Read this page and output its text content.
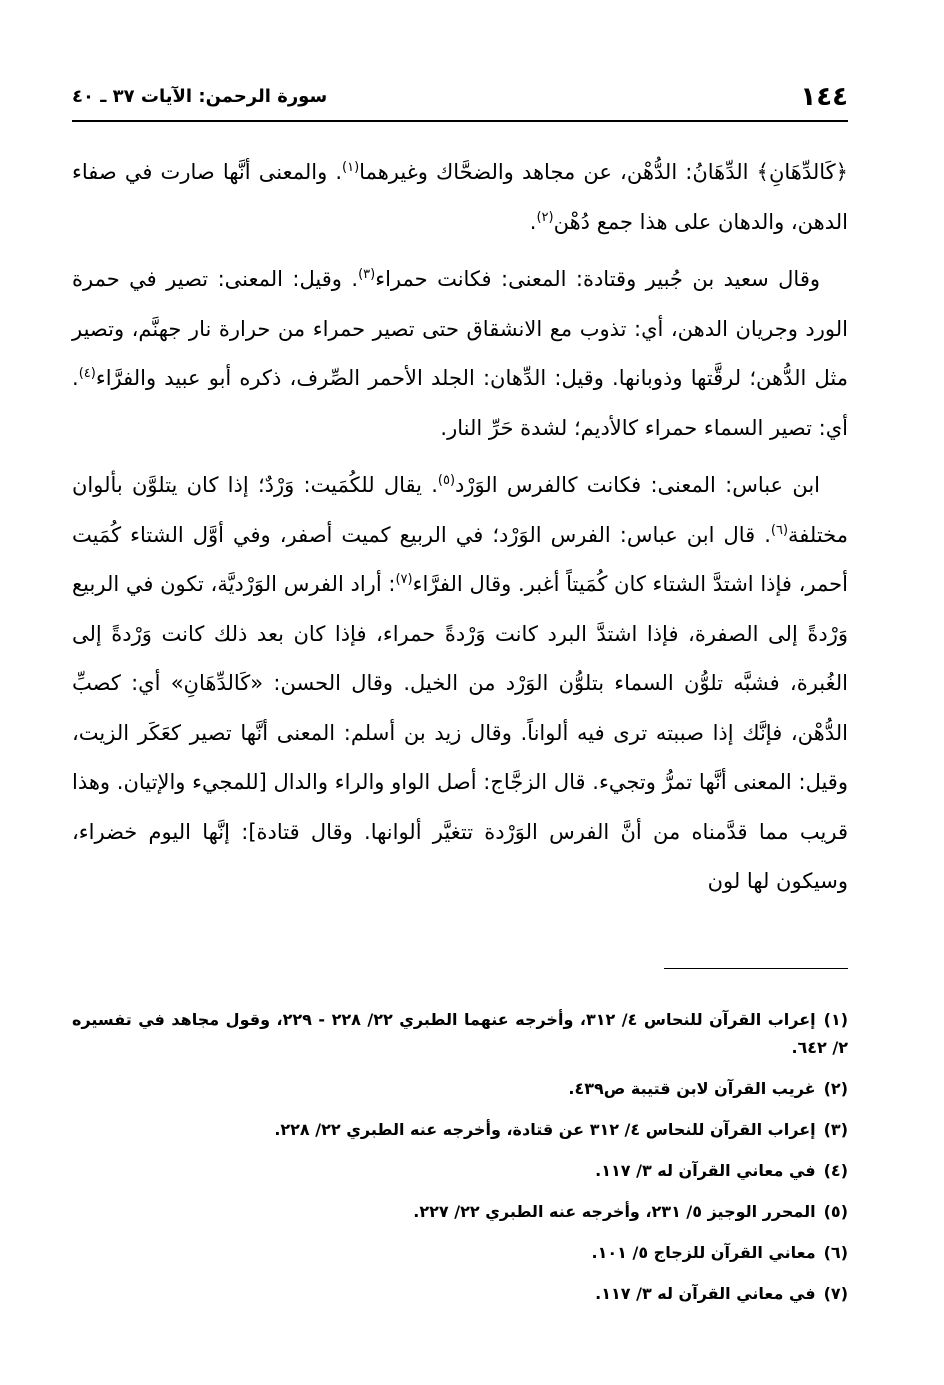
١٤٤
سورة الرحمن: الآيات ٣٧ ـ ٤٠

﴿كَالدِّهَانِ﴾ الدِّهَانُ: الدُّهْن، عن مجاهد والضحَّاك وغيرهما$^{(١)}$. والمعنى أنَّها صارت في صفاء الدهن، والدهان على هذا جمع دُهْن$^{(٢)}$.

وقال سعيد بن جُبير وقتادة: المعنى: فكانت حمراء$^{(٣)}$. وقيل: المعنى: تصير في حمرة الورد وجريان الدهن، أي: تذوب مع الانشقاق حتى تصير حمراء من حرارة نار جهنَّم، وتصير مثل الدُّهن؛ لرقَّتها وذوبانها. وقيل: الدِّهان: الجلد الأحمر الصِّرف، ذكره أبو عبيد والفرَّاء$^{(٤)}$. أي: تصير السماء حمراء كالأديم؛ لشدة حَرِّ النار.

ابن عباس: المعنى: فكانت كالفرس الوَرْد$^{(٥)}$. يقال للكُمَيت: وَرْدٌ؛ إذا كان يتلوَّن بألوان مختلفة$^{(٦)}$. قال ابن عباس: الفرس الوَرْد؛ في الربيع كميت أصفر، وفي أوَّل الشتاء كُمَيت أحمر، فإذا اشتدَّ الشتاء كان كُمَيتاً أغبر. وقال الفرَّاء$^{(٧)}$: أراد الفرس الوَرْديَّة، تكون في الربيع وَرْدةً إلى الصفرة، فإذا اشتدَّ البرد كانت وَرْدةً حمراء، فإذا كان بعد ذلك كانت وَرْدةً إلى الغُبرة، فشبَّه تلوُّن السماء بتلوُّن الوَرْد من الخيل. وقال الحسن: «كَالدِّهَانِ» أي: كصبِّ الدُّهْن، فإنَّك إذا صببته ترى فيه ألواناً. وقال زيد بن أسلم: المعنى أنَّها تصير كعَكَر الزيت، وقيل: المعنى أنَّها تمرُّ وتجيء. قال الزجَّاج: أصل الواو والراء والدال [للمجيء والإتيان. وهذا قريب مما قدَّمناه من أنَّ الفرس الوَرْدة تتغيَّر ألوانها. وقال قتادة]: إنَّها اليوم خضراء، وسيكون لها لون

(١)إعراب القرآن للنحاس ٤/ ٣١٢، وأخرجه عنهما الطبري ٢٢/ ٢٢٨ - ٢٢٩، وقول مجاهد في تفسيره ٢/ ٦٤٢.

(٢)غريب القرآن لابن قتيبة ص٤٣٩.

(٣)إعراب القرآن للنحاس ٤/ ٣١٢ عن قتادة، وأخرجه عنه الطبري ٢٢/ ٢٢٨.

(٤)في معاني القرآن له ٣/ ١١٧.

(٥)المحرر الوجيز ٥/ ٢٣١، وأخرجه عنه الطبري ٢٢/ ٢٢٧.

(٦)معاني القرآن للزجاج ٥/ ١٠١.

(٧)في معاني القرآن له ٣/ ١١٧.
